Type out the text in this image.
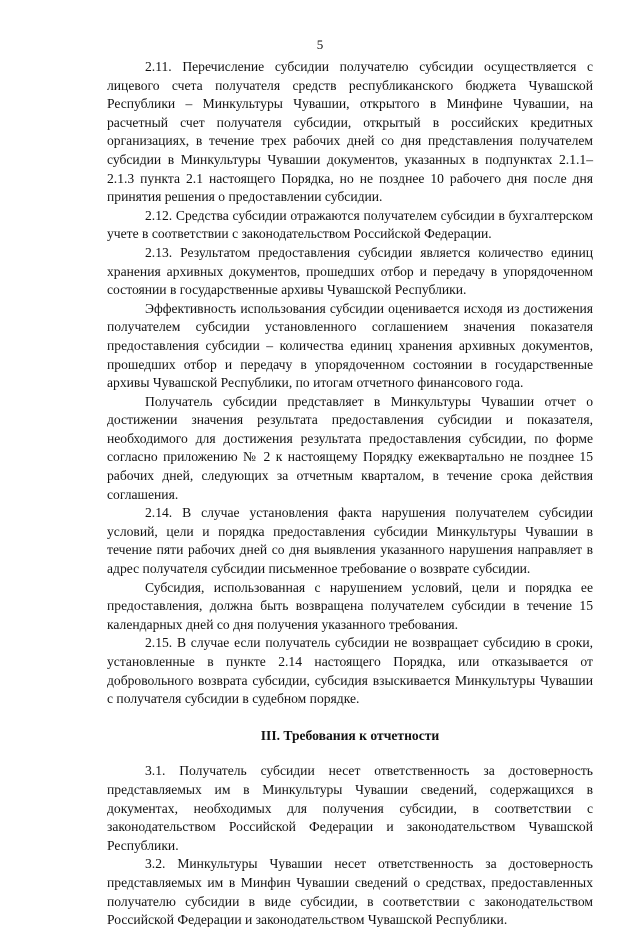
5

2.11. Перечисление субсидии получателю субсидии осуществляется с лицевого счета получателя средств республиканского бюджета Чувашской Республики – Минкультуры Чувашии, открытого в Минфине Чувашии, на расчетный счет получателя субсидии, открытый в российских кредитных организациях, в течение трех рабочих дней со дня представления получателем субсидии в Минкультуры Чувашии документов, указанных в подпунктах 2.1.1–2.1.3 пункта 2.1 настоящего Порядка, но не позднее 10 рабочего дня после дня принятия решения о предоставлении субсидии.

2.12. Средства субсидии отражаются получателем субсидии в бухгалтерском учете в соответствии с законодательством Российской Федерации.

2.13. Результатом предоставления субсидии является количество единиц хранения архивных документов, прошедших отбор и передачу в упорядоченном состоянии в государственные архивы Чувашской Республики.

Эффективность использования субсидии оценивается исходя из достижения получателем субсидии установленного соглашением значения показателя предоставления субсидии – количества единиц хранения архивных документов, прошедших отбор и передачу в упорядоченном состоянии в государственные архивы Чувашской Республики, по итогам отчетного финансового года.

Получатель субсидии представляет в Минкультуры Чувашии отчет о достижении значения результата предоставления субсидии и показателя, необходимого для достижения результата предоставления субсидии, по форме согласно приложению № 2 к настоящему Порядку ежеквартально не позднее 15 рабочих дней, следующих за отчетным кварталом, в течение срока действия соглашения.

2.14. В случае установления факта нарушения получателем субсидии условий, цели и порядка предоставления субсидии Минкультуры Чувашии в течение пяти рабочих дней со дня выявления указанного нарушения направляет в адрес получателя субсидии письменное требование о возврате субсидии.

Субсидия, использованная с нарушением условий, цели и порядка ее предоставления, должна быть возвращена получателем субсидии в течение 15 календарных дней со дня получения указанного требования.

2.15. В случае если получатель субсидии не возвращает субсидию в сроки, установленные в пункте 2.14 настоящего Порядка, или отказывается от добровольного возврата субсидии, субсидия взыскивается Минкультуры Чувашии с получателя субсидии в судебном порядке.

III. Требования к отчетности

3.1. Получатель субсидии несет ответственность за достоверность представляемых им в Минкультуры Чувашии сведений, содержащихся в документах, необходимых для получения субсидии, в соответствии с законодательством Российской Федерации и законодательством Чувашской Республики.

3.2. Минкультуры Чувашии несет ответственность за достоверность представляемых им в Минфин Чувашии сведений о средствах, предоставленных получателю субсидии в виде субсидии, в соответствии с законодательством Российской Федерации и законодательством Чувашской Республики.
